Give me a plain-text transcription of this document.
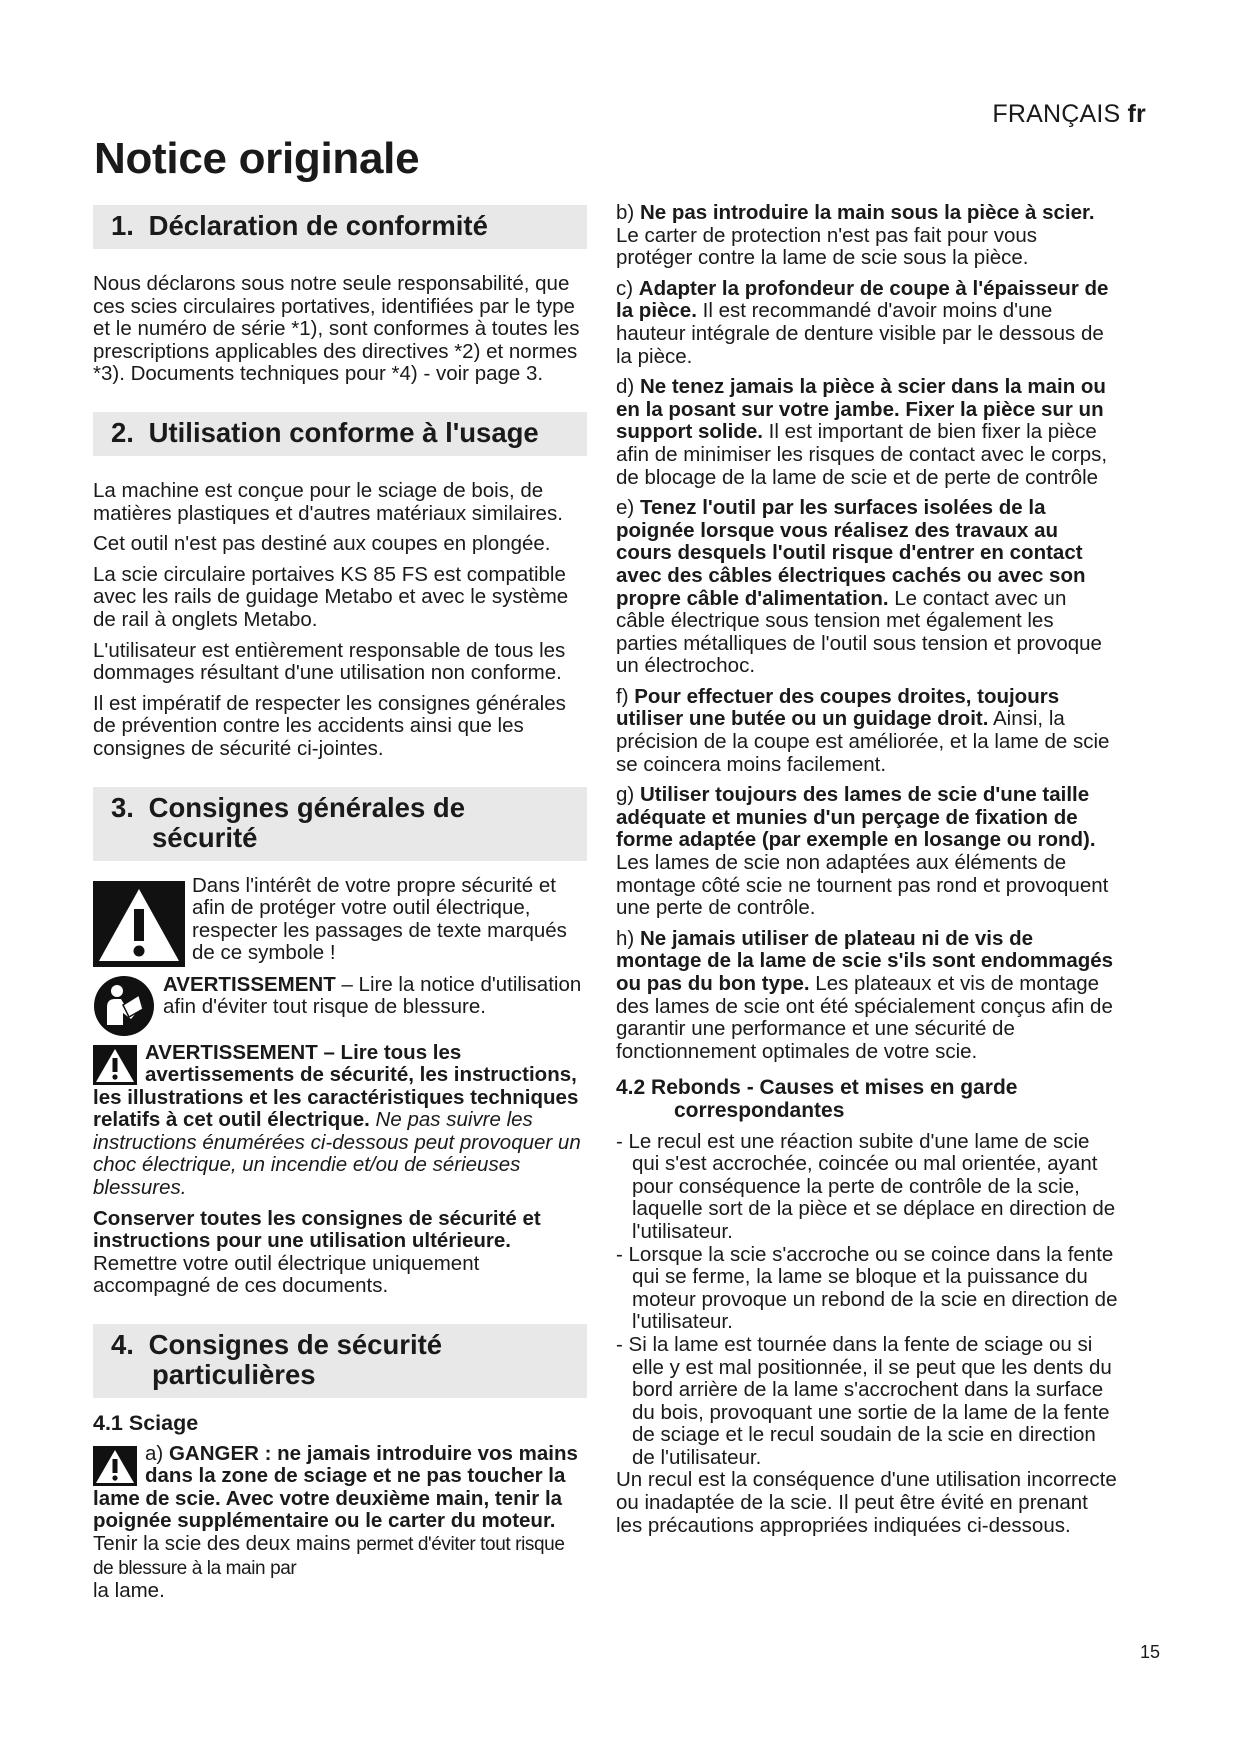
FRANÇAIS fr
Notice originale
1. Déclaration de conformité

Nous déclarons sous notre seule responsabilité, que ces scies circulaires portatives, identifiées par le type et le numéro de série *1), sont conformes à toutes les prescriptions applicables des directives *2) et normes *3). Documents techniques pour *4) - voir page 3.

2. Utilisation conforme à l'usage

La machine est conçue pour le sciage de bois, de matières plastiques et d'autres matériaux similaires.

Cet outil n'est pas destiné aux coupes en plongée.

La scie circulaire portaives KS 85 FS est compatible avec les rails de guidage Metabo et avec le système de rail à onglets Metabo.

L'utilisateur est entièrement responsable de tous les dommages résultant d'une utilisation non conforme.

Il est impératif de respecter les consignes générales de prévention contre les accidents ainsi que les consignes de sécurité ci-jointes.

3. Consignes générales de
sécurité

Dans l'intérêt de votre propre sécurité et afin de protéger votre outil électrique, respecter les passages de texte marqués de ce symbole !

AVERTISSEMENT – Lire la notice d'utilisation afin d'éviter tout risque de blessure.

AVERTISSEMENT – Lire tous les avertissements de sécurité, les instructions, les illustrations et les caractéristiques techniques relatifs à cet outil électrique. Ne pas suivre les instructions énumérées ci-dessous peut provoquer un choc électrique, un incendie et/ou de sérieuses blessures.

Conserver toutes les consignes de sécurité et instructions pour une utilisation ultérieure. Remettre votre outil électrique uniquement accompagné de ces documents.

4. Consignes de sécurité
particulières
4.1 Sciage

a) GANGER : ne jamais introduire vos mains dans la zone de sciage et ne pas toucher la lame de scie. Avec votre deuxième main, tenir la poignée supplémentaire ou le carter du moteur. Tenir la scie des deux mains permet d'éviter tout risque de blessure à la main par
la lame.

b) Ne pas introduire la main sous la pièce à scier. Le carter de protection n'est pas fait pour vous protéger contre la lame de scie sous la pièce.

c) Adapter la profondeur de coupe à l'épaisseur de la pièce. Il est recommandé d'avoir moins d'une hauteur intégrale de denture visible par le dessous de la pièce.

d) Ne tenez jamais la pièce à scier dans la main ou en la posant sur votre jambe. Fixer la pièce sur un support solide. Il est important de bien fixer la pièce afin de minimiser les risques de contact avec le corps, de blocage de la lame de scie et de perte de contrôle

e) Tenez l'outil par les surfaces isolées de la poignée lorsque vous réalisez des travaux au cours desquels l'outil risque d'entrer en contact avec des câbles électriques cachés ou avec son propre câble d'alimentation. Le contact avec un câble électrique sous tension met également les parties métalliques de l'outil sous tension et provoque un électrochoc.

f) Pour effectuer des coupes droites, toujours utiliser une butée ou un guidage droit. Ainsi, la précision de la coupe est améliorée, et la lame de scie se coincera moins facilement.

g) Utiliser toujours des lames de scie d'une taille adéquate et munies d'un perçage de fixation de forme adaptée (par exemple en losange ou rond). Les lames de scie non adaptées aux éléments de montage côté scie ne tournent pas rond et provoquent une perte de contrôle.

h) Ne jamais utiliser de plateau ni de vis de montage de la lame de scie s'ils sont endommagés ou pas du bon type. Les plateaux et vis de montage des lames de scie ont été spécialement conçus afin de garantir une performance et une sécurité de fonctionnement optimales de votre scie.

4.2 Rebonds - Causes et mises en garde
correspondantes

- Le recul est une réaction subite d'une lame de scie qui s'est accrochée, coincée ou mal orientée, ayant pour conséquence la perte de contrôle de la scie, laquelle sort de la pièce et se déplace en direction de l'utilisateur.

- Lorsque la scie s'accroche ou se coince dans la fente qui se ferme, la lame se bloque et la puissance du moteur provoque un rebond de la scie en direction de l'utilisateur.

- Si la lame est tournée dans la fente de sciage ou si elle y est mal positionnée, il se peut que les dents du bord arrière de la lame s'accrochent dans la surface du bois, provoquant une sortie de la lame de la fente de sciage et le recul soudain de la scie en direction de l'utilisateur.

Un recul est la conséquence d'une utilisation incorrecte ou inadaptée de la scie. Il peut être évité en prenant les précautions appropriées indiquées ci-dessous.

15
